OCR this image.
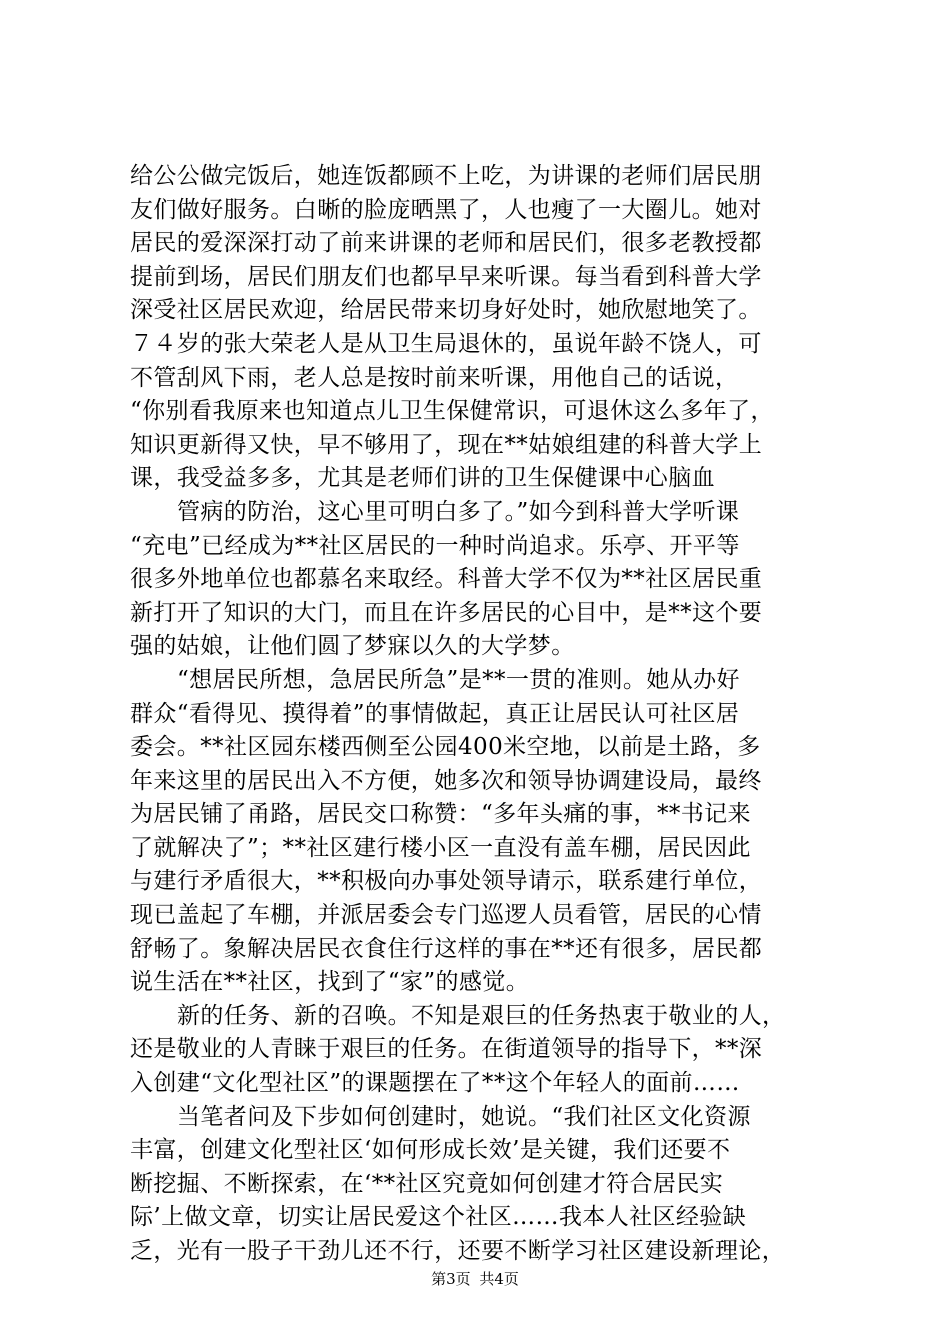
给公公做完饭后，她连饭都顾不上吃，为讲课的老师们居民朋
友们做好服务。白晰的脸庞晒黑了，人也瘦了一大圈儿。她对
居民的爱深深打动了前来讲课的老师和居民们，很多老教授都
提前到场，居民们朋友们也都早早来听课。每当看到科普大学
深受社区居民欢迎，给居民带来切身好处时，她欣慰地笑了。
７４岁的张大荣老人是从卫生局退休的，虽说年龄不饶人，可
不管刮风下雨，老人总是按时前来听课，用他自己的话说，
“你别看我原来也知道点儿卫生保健常识，可退休这么多年了，
知识更新得又快，早不够用了，现在**姑娘组建的科普大学上
课，我受益多多，尤其是老师们讲的卫生保健课中心脑血
管病的防治，这心里可明白多了。”如今到科普大学听课
“充电”已经成为**社区居民的一种时尚追求。乐亭、开平等
很多外地单位也都慕名来取经。科普大学不仅为**社区居民重
新打开了知识的大门，而且在许多居民的心目中，是**这个要
强的姑娘，让他们圆了梦寐以久的大学梦。
“想居民所想，急居民所急”是**一贯的准则。她从办好
群众“看得见、摸得着”的事情做起，真正让居民认可社区居
委会。**社区园东楼西侧至公园400米空地，以前是土路，多
年来这里的居民出入不方便，她多次和领导协调建设局，最终
为居民铺了甬路，居民交口称赞：“多年头痛的事，**书记来
了就解决了”；**社区建行楼小区一直没有盖车棚，居民因此
与建行矛盾很大，**积极向办事处领导请示，联系建行单位，
现已盖起了车棚，并派居委会专门巡逻人员看管，居民的心情
舒畅了。象解决居民衣食住行这样的事在**还有很多，居民都
说生活在**社区，找到了“家”的感觉。
新的任务、新的召唤。不知是艰巨的任务热衷于敬业的人，
还是敬业的人青睐于艰巨的任务。在街道领导的指导下，**深
入创建“文化型社区”的课题摆在了**这个年轻人的面前……
当笔者问及下步如何创建时，她说。“我们社区文化资源
丰富，创建文化型社区‘如何形成长效’是关键，我们还要不
断挖掘、不断探索，在‘**社区究竟如何创建才符合居民实
际’上做文章，切实让居民爱这个社区……我本人社区经验缺
乏，光有一股子干劲儿还不行，还要不断学习社区建设新理论，
第3页 共4页
